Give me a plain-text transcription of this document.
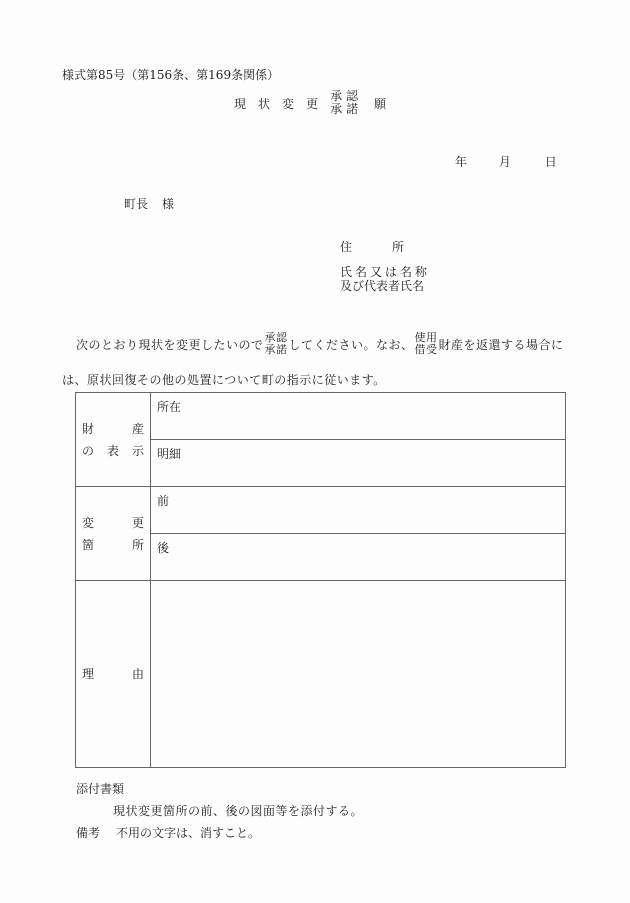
様式第85号（第156条、第169条関係）
現 状 変 更
承認
承諾 願
年	月	日
町長 様
住	所
氏名又は名称
及び代表者氏名
次のとおり現状を変更したいので 承認
承諾 してください。なお、 使用
借受 財産を返還する場合に
は、原状回復その他の処置について町の指示に従います。
財 産
の 表 示	所在

	明細

変 更
箇 所	前

	後

理 由	

添付書類
現状変更箇所の前、後の図面等を添付する。
備考 不用の文字は、消すこと。
